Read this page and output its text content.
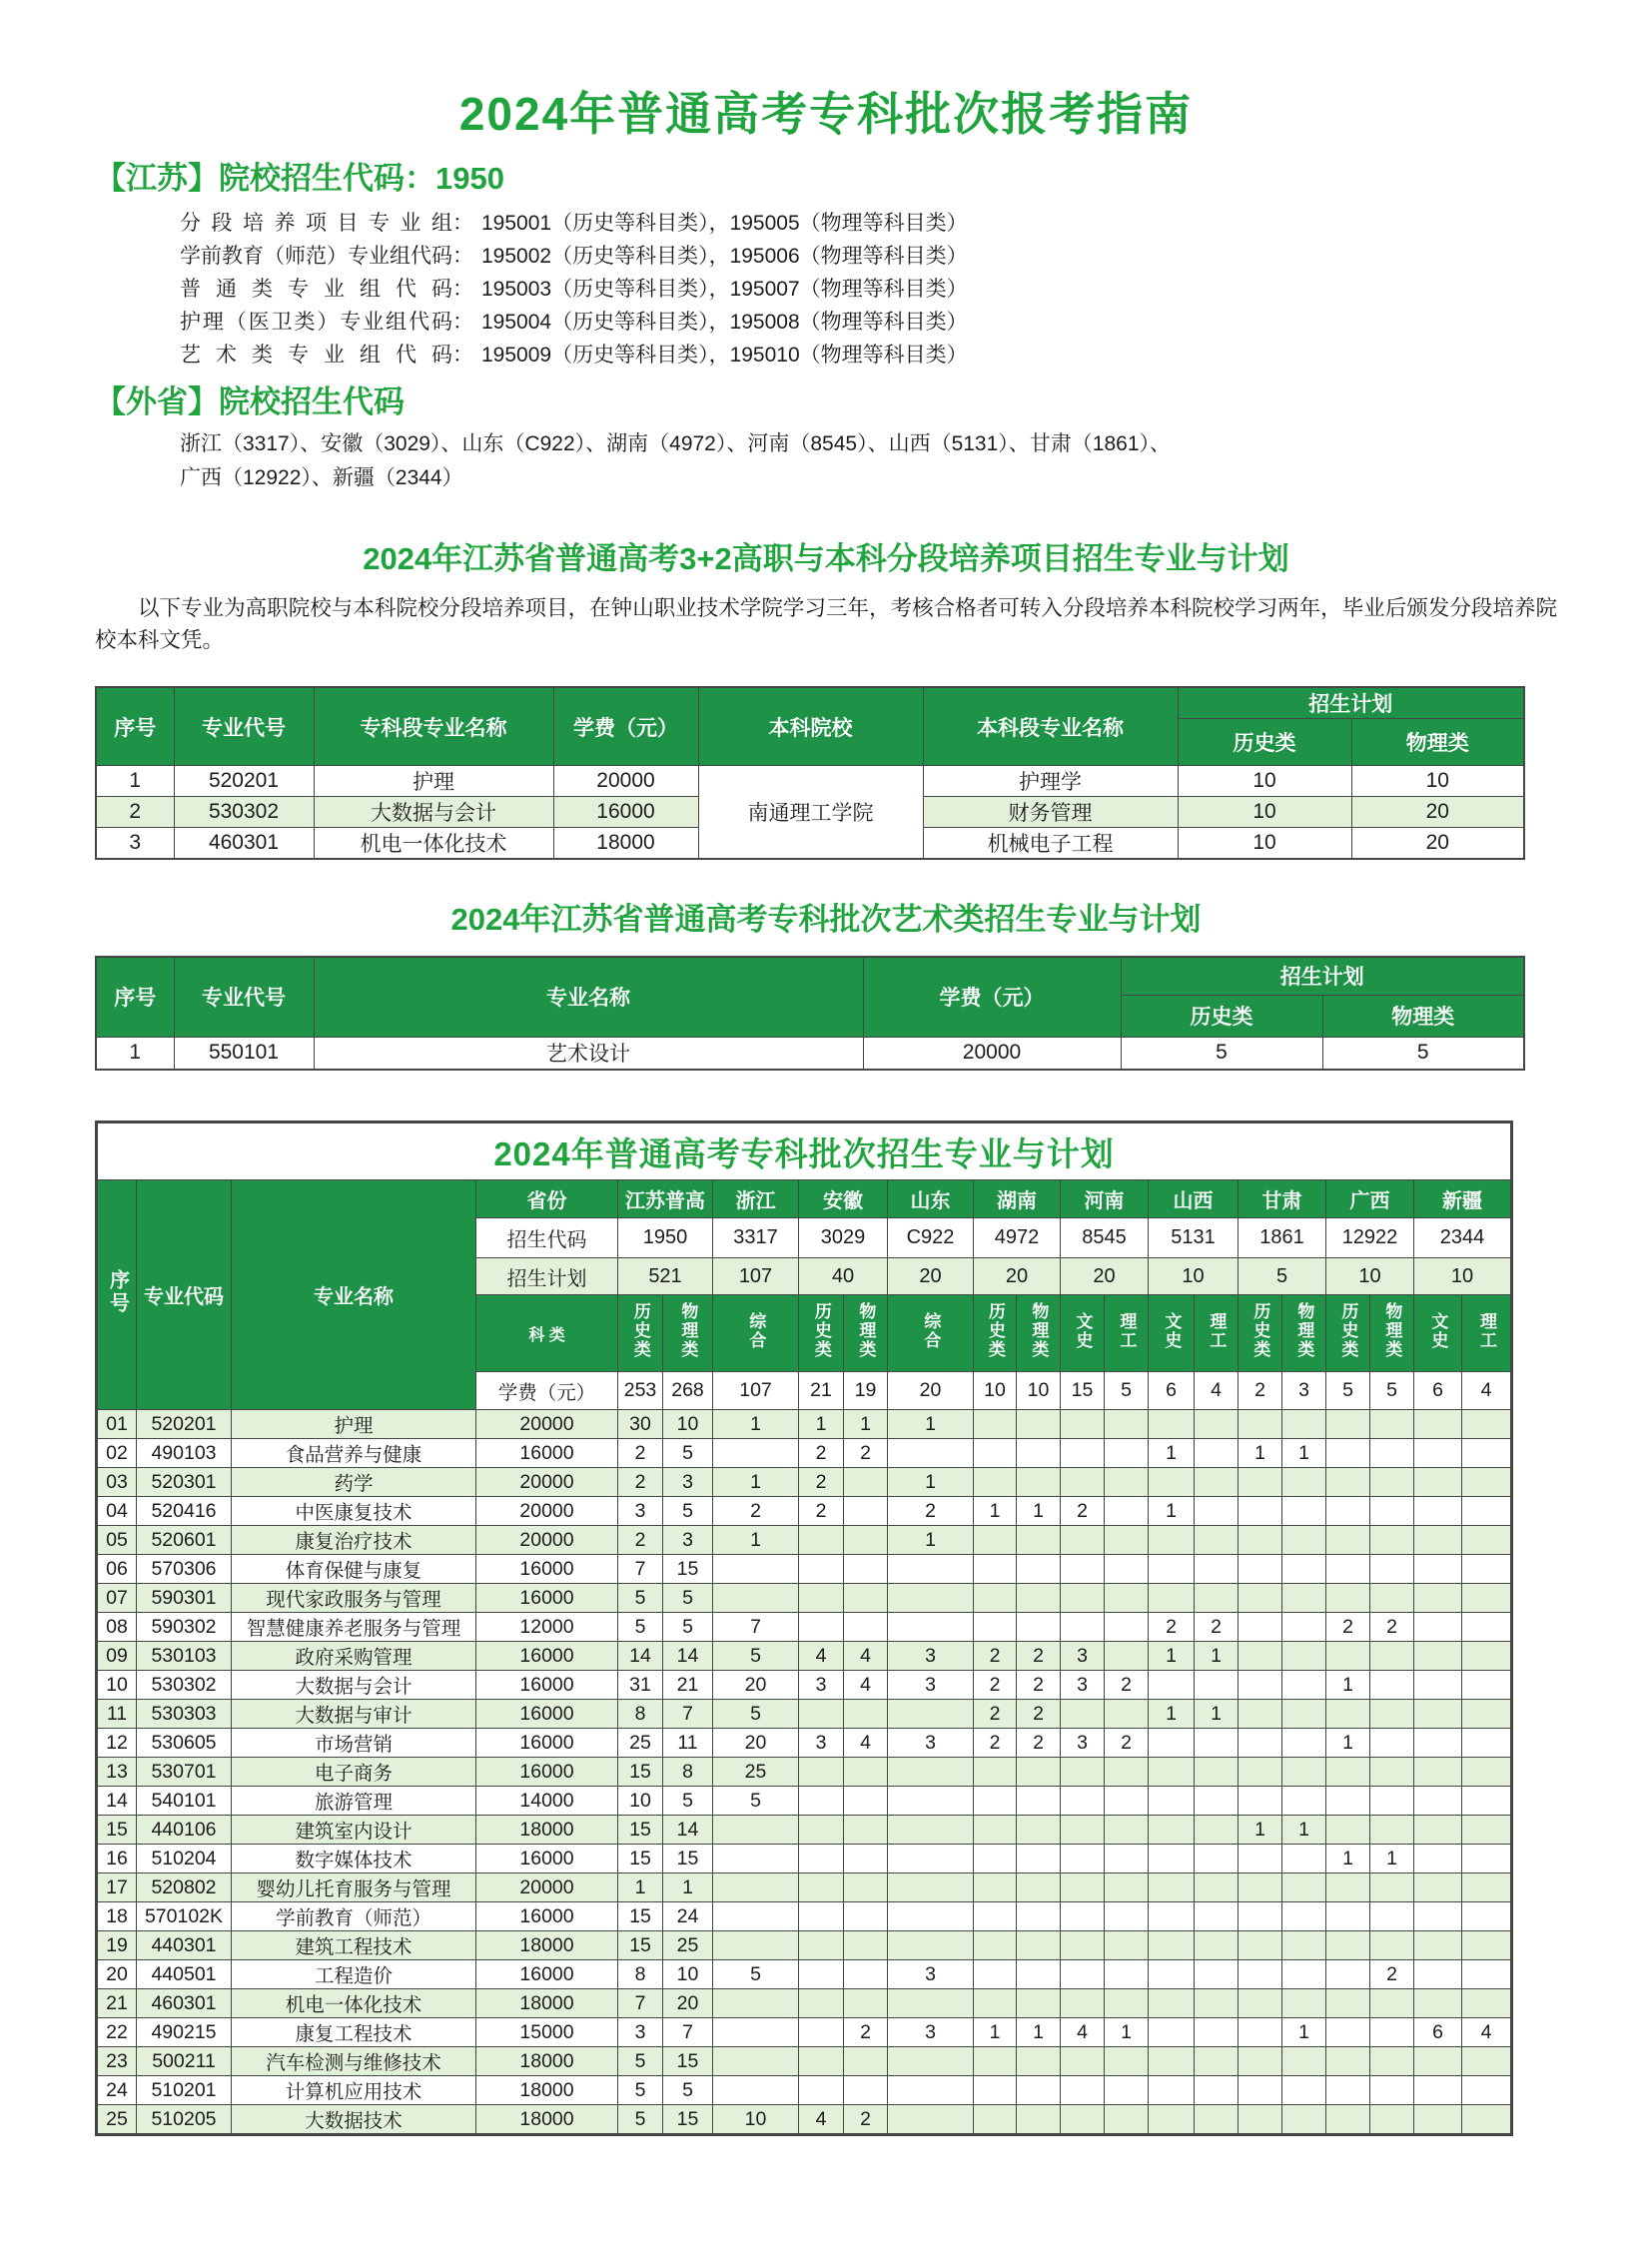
2024年普通高考专科批次报考指南
【江苏】院校招生代码：1950
分段培养项目专业组： 195001（历史等科目类），195005（物理等科目类）
学前教育（师范）专业组代码： 195002（历史等科目类），195006（物理等科目类）
普通类专业组代码： 195003（历史等科目类），195007（物理等科目类）
护理（医卫类）专业组代码： 195004（历史等科目类），195008（物理等科目类）
艺术类专业组代码： 195009（历史等科目类），195010（物理等科目类）
【外省】院校招生代码
浙江（3317）、安徽（3029）、山东（C922）、湖南（4972）、河南（8545）、山西（5131）、甘肃（1861）、
广西（12922）、新疆（2344）
2024年江苏省普通高考3+2高职与本科分段培养项目招生专业与计划
以下专业为高职院校与本科院校分段培养项目，在钟山职业技术学院学习三年，考核合格者可转入分段培养本科院校学习两年，毕业后颁发分段培养院校本科文凭。
序号	专业代号	专科段专业名称	学费（元）	本科院校	本科段专业名称	招生计划	
						历史类	物理类
1	520201	护理	20000	南通理工学院	护理学	10	10
2	530302	大数据与会计	16000		财务管理	10	20
3	460301	机电一体化技术	18000		机械电子工程	10	20
2024年江苏省普通高考专科批次艺术类招生专业与计划
序号	专业代号	专业名称	学费（元）	招生计划	
				历史类	物理类
1	550101	艺术设计	20000	5	5
2024年普通高考专科批次招生专业与计划																					
序号	专业代码	专业名称	省份	江苏普高		浙江	安徽		山东	湖南		河南		山西		甘肃		广西		新疆	
			招生代码	1950		3317	3029		C922	4972		8545		5131		1861		12922		2344	
			招生计划	521		107	40		20	20		20		10		5		10		10	
			科 类	历史类	物理类	综合	历史类	物理类	综合	历史类	物理类	文史	理工	文史	理工	历史类	物理类	历史类	物理类	文史	理工
			学费（元）	253	268	107	21	19	20	10	10	15	5	6	4	2	3	5	5	6	4
01	520201	护理	20000	30	10	1	1	1	1												
02	490103	食品营养与健康	16000	2	5		2	2						1		1	1				
03	520301	药学	20000	2	3	1	2		1												
04	520416	中医康复技术	20000	3	5	2	2		2	1	1	2		1							
05	520601	康复治疗技术	20000	2	3	1			1												
06	570306	体育保健与康复	16000	7	15																
07	590301	现代家政服务与管理	16000	5	5																
08	590302	智慧健康养老服务与管理	12000	5	5	7								2	2			2	2		
09	530103	政府采购管理	16000	14	14	5	4	4	3	2	2	3		1	1						
10	530302	大数据与会计	16000	31	21	20	3	4	3	2	2	3	2					1			
11	530303	大数据与审计	16000	8	7	5				2	2			1	1						
12	530605	市场营销	16000	25	11	20	3	4	3	2	2	3	2					1			
13	530701	电子商务	16000	15	8	25															
14	540101	旅游管理	14000	10	5	5															
15	440106	建筑室内设计	18000	15	14											1	1				
16	510204	数字媒体技术	16000	15	15													1	1		
17	520802	婴幼儿托育服务与管理	20000	1	1																
18	570102K	学前教育（师范）	16000	15	24																
19	440301	建筑工程技术	18000	15	25																
20	440501	工程造价	16000	8	10	5			3										2		
21	460301	机电一体化技术	18000	7	20																
22	490215	康复工程技术	15000	3	7			2	3	1	1	4	1				1			6	4
23	500211	汽车检测与维修技术	18000	5	15																
24	510201	计算机应用技术	18000	5	5																
25	510205	大数据技术	18000	5	15	10	4	2													
